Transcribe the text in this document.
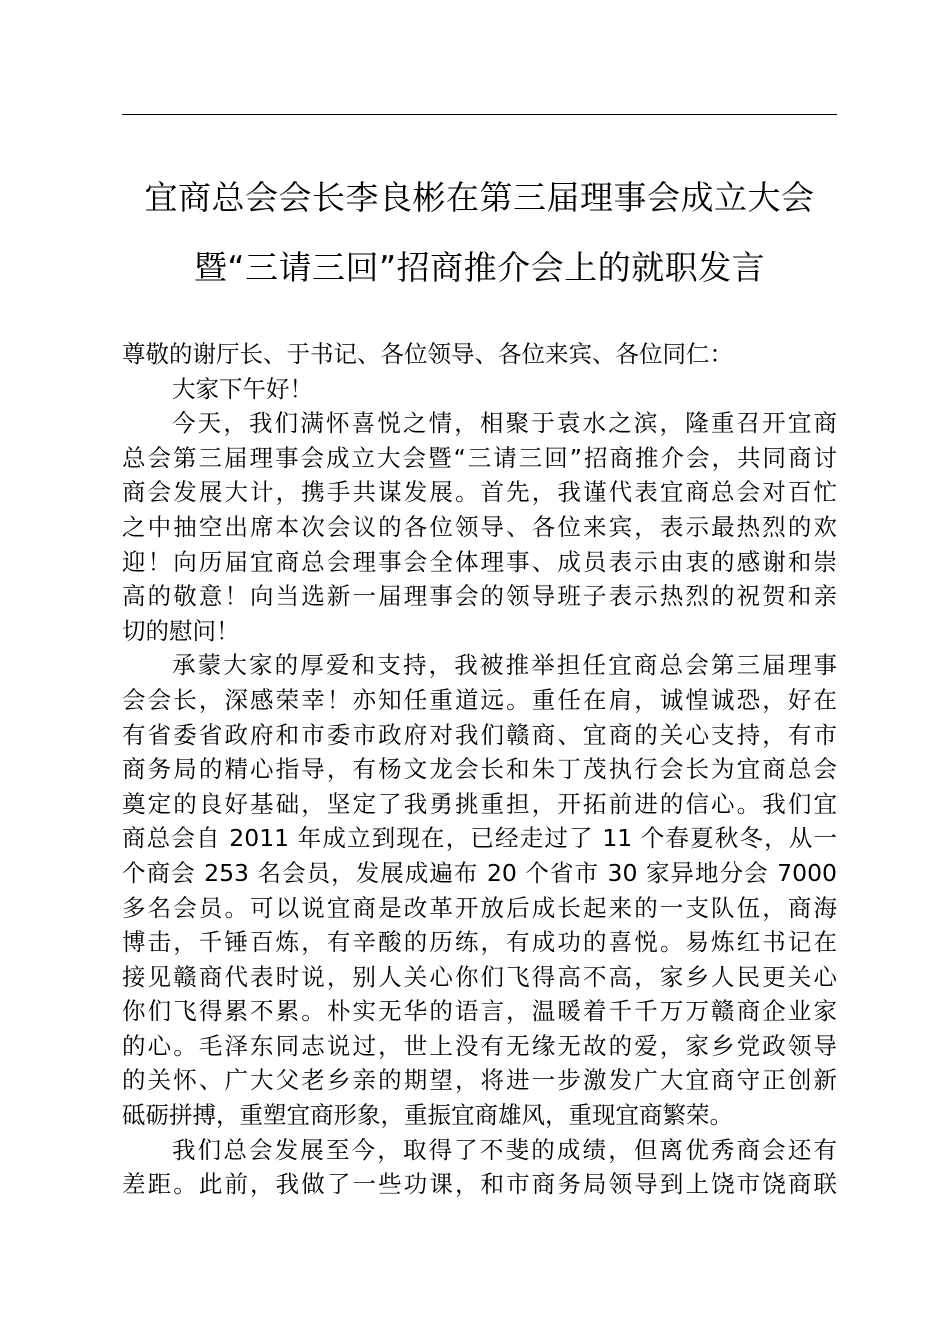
宜商总会会长李良彬在第三届理事会成立大会
暨“三请三回”招商推介会上的就职发言
尊敬的谢厅长、于书记、各位领导、各位来宾、各位同仁：
大家下午好！
今天，我们满怀喜悦之情，相聚于袁水之滨，隆重召开宜商
总会第三届理事会成立大会暨“三请三回”招商推介会，共同商讨
商会发展大计，携手共谋发展。首先，我谨代表宜商总会对百忙
之中抽空出席本次会议的各位领导、各位来宾，表示最热烈的欢
迎！向历届宜商总会理事会全体理事、成员表示由衷的感谢和崇
高的敬意！向当选新一届理事会的领导班子表示热烈的祝贺和亲
切的慰问！
承蒙大家的厚爱和支持，我被推举担任宜商总会第三届理事
会会长，深感荣幸！亦知任重道远。重任在肩，诚惶诚恐，好在
有省委省政府和市委市政府对我们赣商、宜商的关心支持，有市
商务局的精心指导，有杨文龙会长和朱丁茂执行会长为宜商总会
奠定的良好基础，坚定了我勇挑重担，开拓前进的信心。我们宜
商总会自 2011 年成立到现在，已经走过了 11 个春夏秋冬，从一
个商会 253 名会员，发展成遍布 20 个省市 30 家异地分会 7000
多名会员。可以说宜商是改革开放后成长起来的一支队伍，商海
博击，千锤百炼，有辛酸的历练，有成功的喜悦。易炼红书记在
接见赣商代表时说，别人关心你们飞得高不高，家乡人民更关心
你们飞得累不累。朴实无华的语言，温暖着千千万万赣商企业家
的心。毛泽东同志说过，世上没有无缘无故的爱，家乡党政领导
的关怀、广大父老乡亲的期望，将进一步激发广大宜商守正创新
砥砺拼搏，重塑宜商形象，重振宜商雄风，重现宜商繁荣。
我们总会发展至今，取得了不斐的成绩，但离优秀商会还有
差距。此前，我做了一些功课，和市商务局领导到上饶市饶商联
